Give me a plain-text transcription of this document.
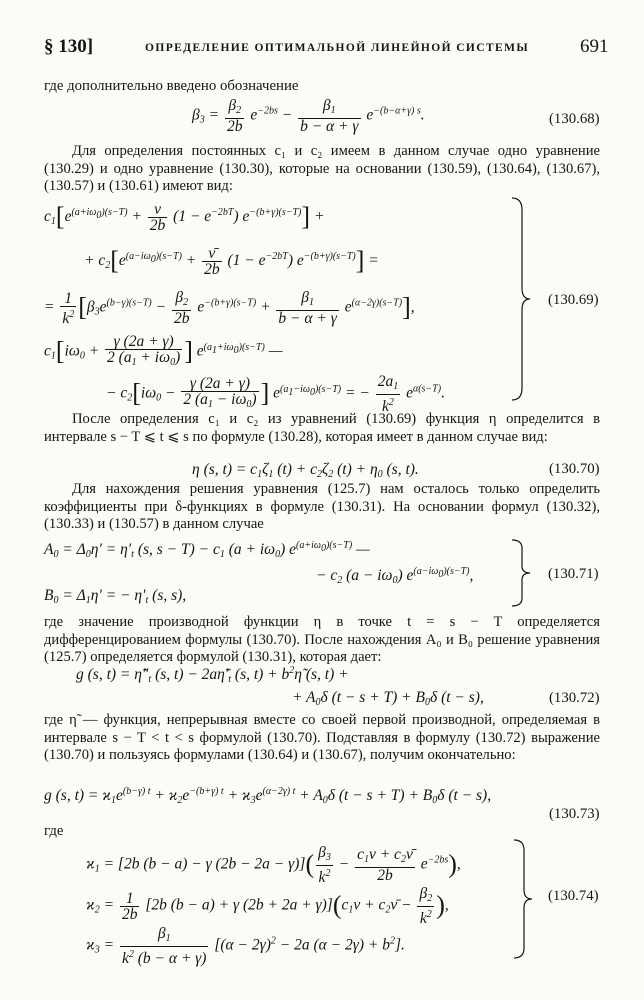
§ 130]	ОПРЕДЕЛЕНИЕ ОПТИМАЛЬНОЙ ЛИНЕЙНОЙ СИСТЕМЫ	691
где дополнительно введено обозначение
$\beta_3 = \frac{\beta_2}{2b} e^{-2bs} - \frac{\beta_1}{b - \alpha + \gamma} e^{-(b-\alpha+\gamma) s}$.	(130.68)
Для определения постоянных c₁ и c₂ имеем в данном случае одно уравнение (130.29) и одно уравнение (130.30), которые на основании (130.59), (130.64), (130.67), (130.57) и (130.61) имеют вид:
$c_1[e^{(a+i\omega_0)(s-T)} + \frac{\nu}{2b} (1 - e^{-2bT}) e^{-(b+\gamma)(s-T)}]$ +
+ $c_2[e^{(a-i\omega_0)(s-T)} + \frac{\nū}{2b} (1 - e^{-2bT}) e^{-(b+\gamma)(s-T)}]$ =
= $\frac{1}{k^2} [\beta_3e^{(b-\gamma)(s-T)} - \frac{\beta_2}{2b} e^{-(b+\gamma)(s-T)} + \frac{\beta_1}{b - \alpha + \gamma} e^{(\alpha-2\gamma)(s-T)}]$,
$c_1[i\omega_0 + \frac{\gamma (2a + \gamma)}{2 (a_1 + i\omega_0)}$ ] $e^{(a_1+i\omega_0)(s-T)}$ —
− $c_2[i\omega_0 - \frac{\gamma (2a + \gamma)}{2 (a_1 - i\omega_0)}$ ] $e^{(a_1-i\omega_0)(s-T)}$ = − $\frac{2a_1}{k^2} e^{\alpha(s-T)}$.
(130.69)
После определения c₁ и c₂ из уравнений (130.69) функция η определится в интервале s − T ⩽ t ⩽ s по формуле (130.28), которая имеет в данном случае вид:
η (s, $t) = c_1\zeta_1$ $(t) + c_2\zeta_2$ $(t) + \eta_0$ (s, t).	(130.70)
Для нахождения решения уравнения (125.7) нам осталось только определить коэффициенты при δ-функциях в формуле (130.31). На основании формул (130.32), (130.33) и (130.57) в данном случае
$A_0 = \Delta_0\eta' = \eta'_t$ (s, $s - T) - c_1$ $(a + i\omega_0)$ $e^{(a+i\omega_0)(s-T)}$ —
− $c_2$ $(a - i\omega_0)$ $e^{(a-i\omega_0)(s-T)}$,
$B_0 = \Delta_1\eta'$ = − $\eta'_t$ (s, s),
(130.71)
где значение производной функции η в точке t = s − T определяется дифференцированием формулы (130.70). После нахождения A₀ и B₀ решение уравнения (125.7) определяется формулой (130.31), которая дает:
g (s, $t) = \etã''_t$ (s, $t) - 2a\etã'_t$ (s, $t) + b^2\etã$ (s, t) +
+ $A_0\delta$ $(t - s + T) + B_0\delta$ (t − s),	(130.72)
где η̃ — функция, непрерывная вместе со своей первой производной, определяемая в интервале s − T < t < s формулой (130.70). Подставляя в формулу (130.72) выражение (130.70) и пользуясь формулами (130.64) и (130.67), получим окончательно:
g (s, $t) = ϰ_1e^{(b-\gamma) t} + ϰ_2e^{-(b+\gamma) t} + ϰ_3e^{(\alpha-2\gamma) t} + A_0\delta$ $(t - s + T) + B_0\delta$ (t − s),
(130.73)
где
$ϰ_1 = [2b$ (b − a) − γ $(2b - 2a - \gamma)]( \frac{\beta_3}{k^2} - \frac{c_1\nu + c_2\nū}{2b} e^{-2bs})$,
$ϰ_2 = \frac{1}{2b} [2b$ (b − a) + γ $(2b + 2a + \gamma)](c_1\nu$ + $c_2\nū - \frac{\beta_2}{k^2}$ ),
$ϰ_3 = \frac{\beta_1}{k^2 (b - \alpha + \gamma)} [(\alpha - 2\gamma)^2 - 2a$ $(\alpha - 2\gamma) + b^2$].
(130.74)
